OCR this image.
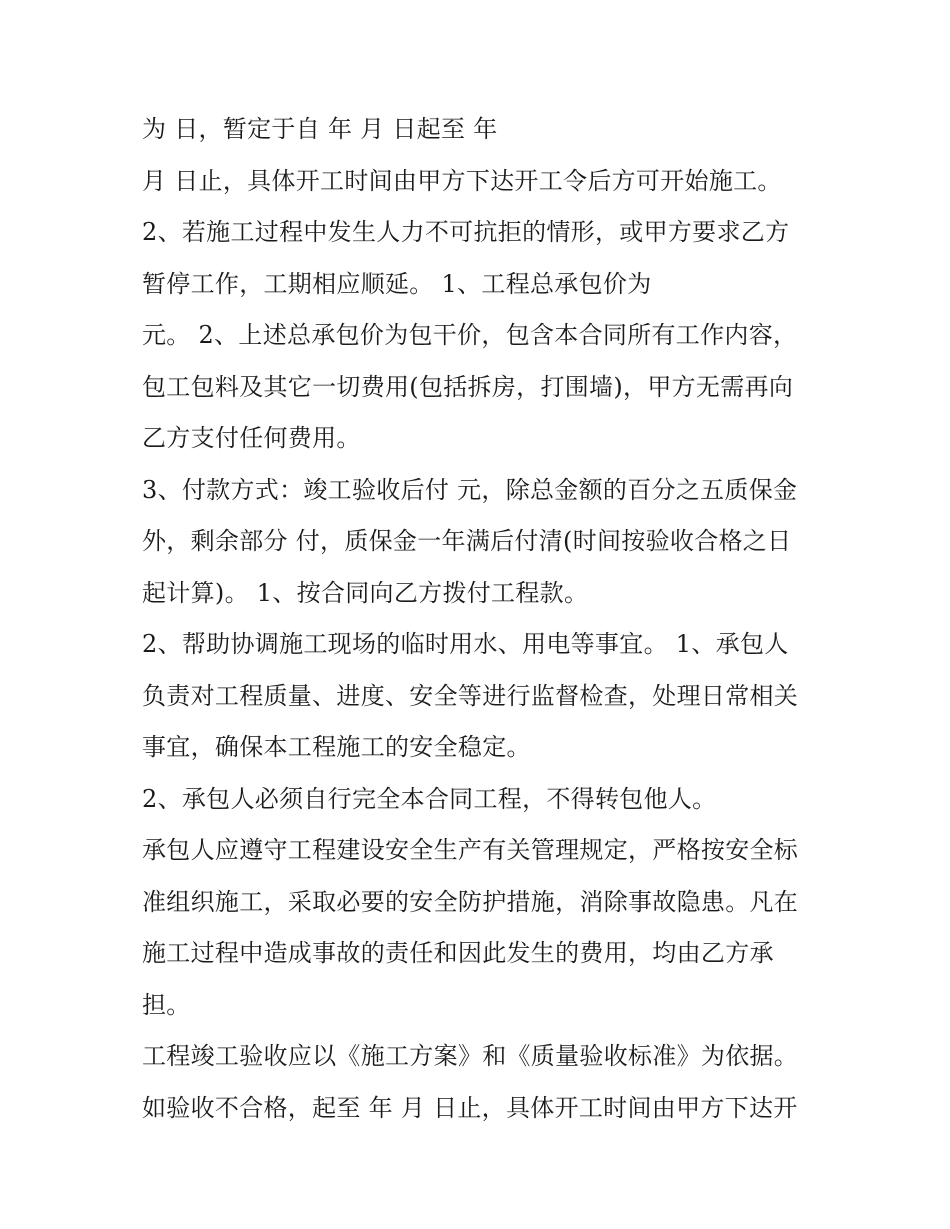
为 日，暂定于自 年 月 日起至 年
月 日止，具体开工时间由甲方下达开工令后方可开始施工。
2、若施工过程中发生人力不可抗拒的情形，或甲方要求乙方
暂停工作，工期相应顺延。 1、工程总承包价为
元。 2、上述总承包价为包干价，包含本合同所有工作内容，
包工包料及其它一切费用(包括拆房，打围墙)，甲方无需再向
乙方支付任何费用。
3、付款方式：竣工验收后付 元，除总金额的百分之五质保金
外，剩余部分 付，质保金一年满后付清(时间按验收合格之日
起计算)。 1、按合同向乙方拨付工程款。
2、帮助协调施工现场的临时用水、用电等事宜。 1、承包人
负责对工程质量、进度、安全等进行监督检查，处理日常相关
事宜，确保本工程施工的安全稳定。
2、承包人必须自行完全本合同工程，不得转包他人。
承包人应遵守工程建设安全生产有关管理规定，严格按安全标
准组织施工，采取必要的安全防护措施，消除事故隐患。凡在
施工过程中造成事故的责任和因此发生的费用，均由乙方承
担。
工程竣工验收应以《施工方案》和《质量验收标准》为依据。
如验收不合格，起至 年 月 日止，具体开工时间由甲方下达开
